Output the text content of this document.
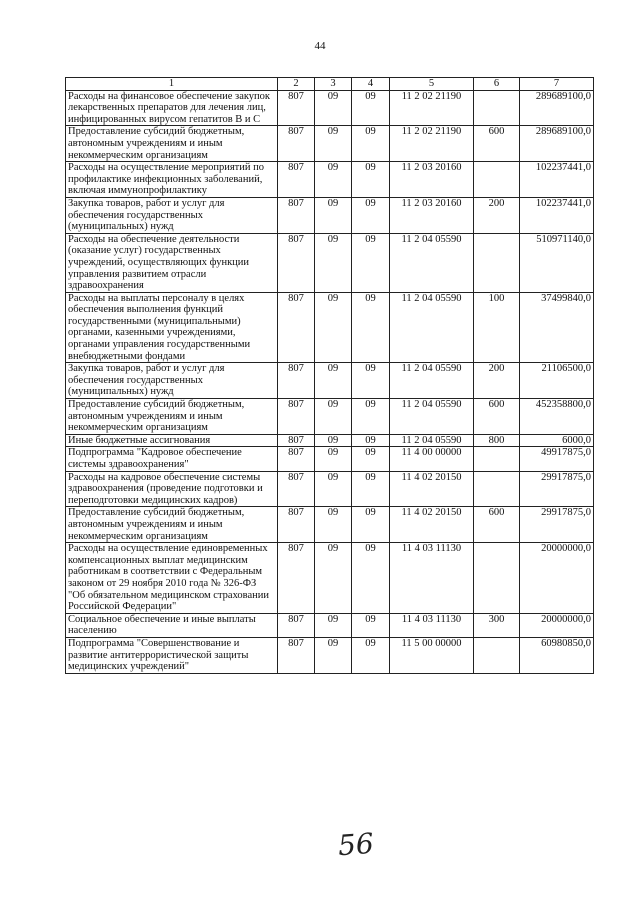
44
1	2	3	4	5	6	7
Расходы на финансовое обеспечение закупок лекарственных препаратов для лечения лиц, инфицированных вирусом гепатитов В и С	807	09	09	11 2 02 21190		289689100,0
Предоставление субсидий бюджетным, автономным учреждениям и иным некоммерческим организациям	807	09	09	11 2 02 21190	600	289689100,0
Расходы на осуществление мероприятий по профилактике инфекционных заболеваний, включая иммунопрофилактику	807	09	09	11 2 03 20160		102237441,0
Закупка товаров, работ и услуг для обеспечения государственных (муниципальных) нужд	807	09	09	11 2 03 20160	200	102237441,0
Расходы на обеспечение деятельности (оказание услуг) государственных учреждений, осуществляющих функции управления развитием отрасли здравоохранения	807	09	09	11 2 04 05590		510971140,0
Расходы на выплаты персоналу в целях обеспечения выполнения функций государственными (муниципальными) органами, казенными учреждениями, органами управления государственными внебюджетными фондами	807	09	09	11 2 04 05590	100	37499840,0
Закупка товаров, работ и услуг для обеспечения государственных (муниципальных) нужд	807	09	09	11 2 04 05590	200	21106500,0
Предоставление субсидий бюджетным, автономным учреждениям и иным некоммерческим организациям	807	09	09	11 2 04 05590	600	452358800,0
Иные бюджетные ассигнования	807	09	09	11 2 04 05590	800	6000,0
Подпрограмма "Кадровое обеспечение системы здравоохранения"	807	09	09	11 4 00 00000		49917875,0
Расходы на кадровое обеспечение системы здравоохранения (проведение подготовки и переподготовки медицинских кадров)	807	09	09	11 4 02 20150		29917875,0
Предоставление субсидий бюджетным, автономным учреждениям и иным некоммерческим организациям	807	09	09	11 4 02 20150	600	29917875,0
Расходы на осуществление единовременных компенсационных выплат медицинским работникам в соответствии с Федеральным законом от 29 ноября 2010 года № 326-ФЗ "Об обязательном медицинском страховании Российской Федерации"	807	09	09	11 4 03 11130		20000000,0
Социальное обеспечение и иные выплаты населению	807	09	09	11 4 03 11130	300	20000000,0
Подпрограмма "Совершенствование и развитие антитеррористической защиты медицинских учреждений"	807	09	09	11 5 00 00000		60980850,0
56
